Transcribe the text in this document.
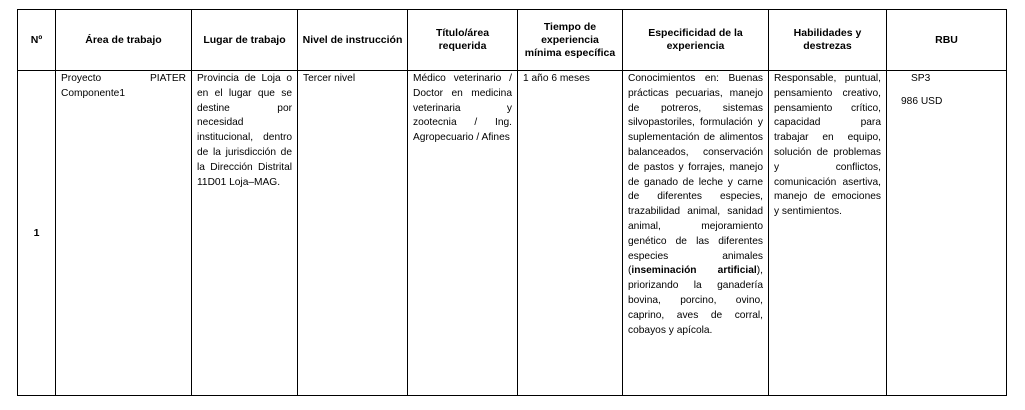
Nº	Área de trabajo	Lugar de trabajo	Nivel de instrucción	Título/área requerida	Tiempo de experiencia mínima específica	Especificidad de la experiencia	Habilidades y destrezas	RBU
1	Proyecto PIATER Componente1	Provincia de Loja o en el lugar que se destine por necesidad institucional, dentro de la jurisdicción de la Dirección Distrital 11D01 Loja–MAG.	Tercer nivel	Médico veterinario / Doctor en medicina veterinaria y zootecnia / Ing. Agropecuario / Afines	1 año 6 meses	Conocimientos en: Buenas prácticas pecuarias, manejo de potreros, sistemas silvopastoriles, formulación y suplementación de alimentos balanceados, conservación de pastos y forrajes, manejo de ganado de leche y carne de diferentes especies, trazabilidad animal, sanidad animal, mejoramiento genético de las diferentes especies animales (inseminación artificial), priorizando la ganadería bovina, porcino, ovino, caprino, aves de corral, cobayos y apícola.	Responsable, puntual, pensamiento creativo, pensamiento crítico, capacidad para trabajar en equipo, solución de problemas y conflictos, comunicación asertiva, manejo de emociones y sentimientos.	SP3
986 USD
